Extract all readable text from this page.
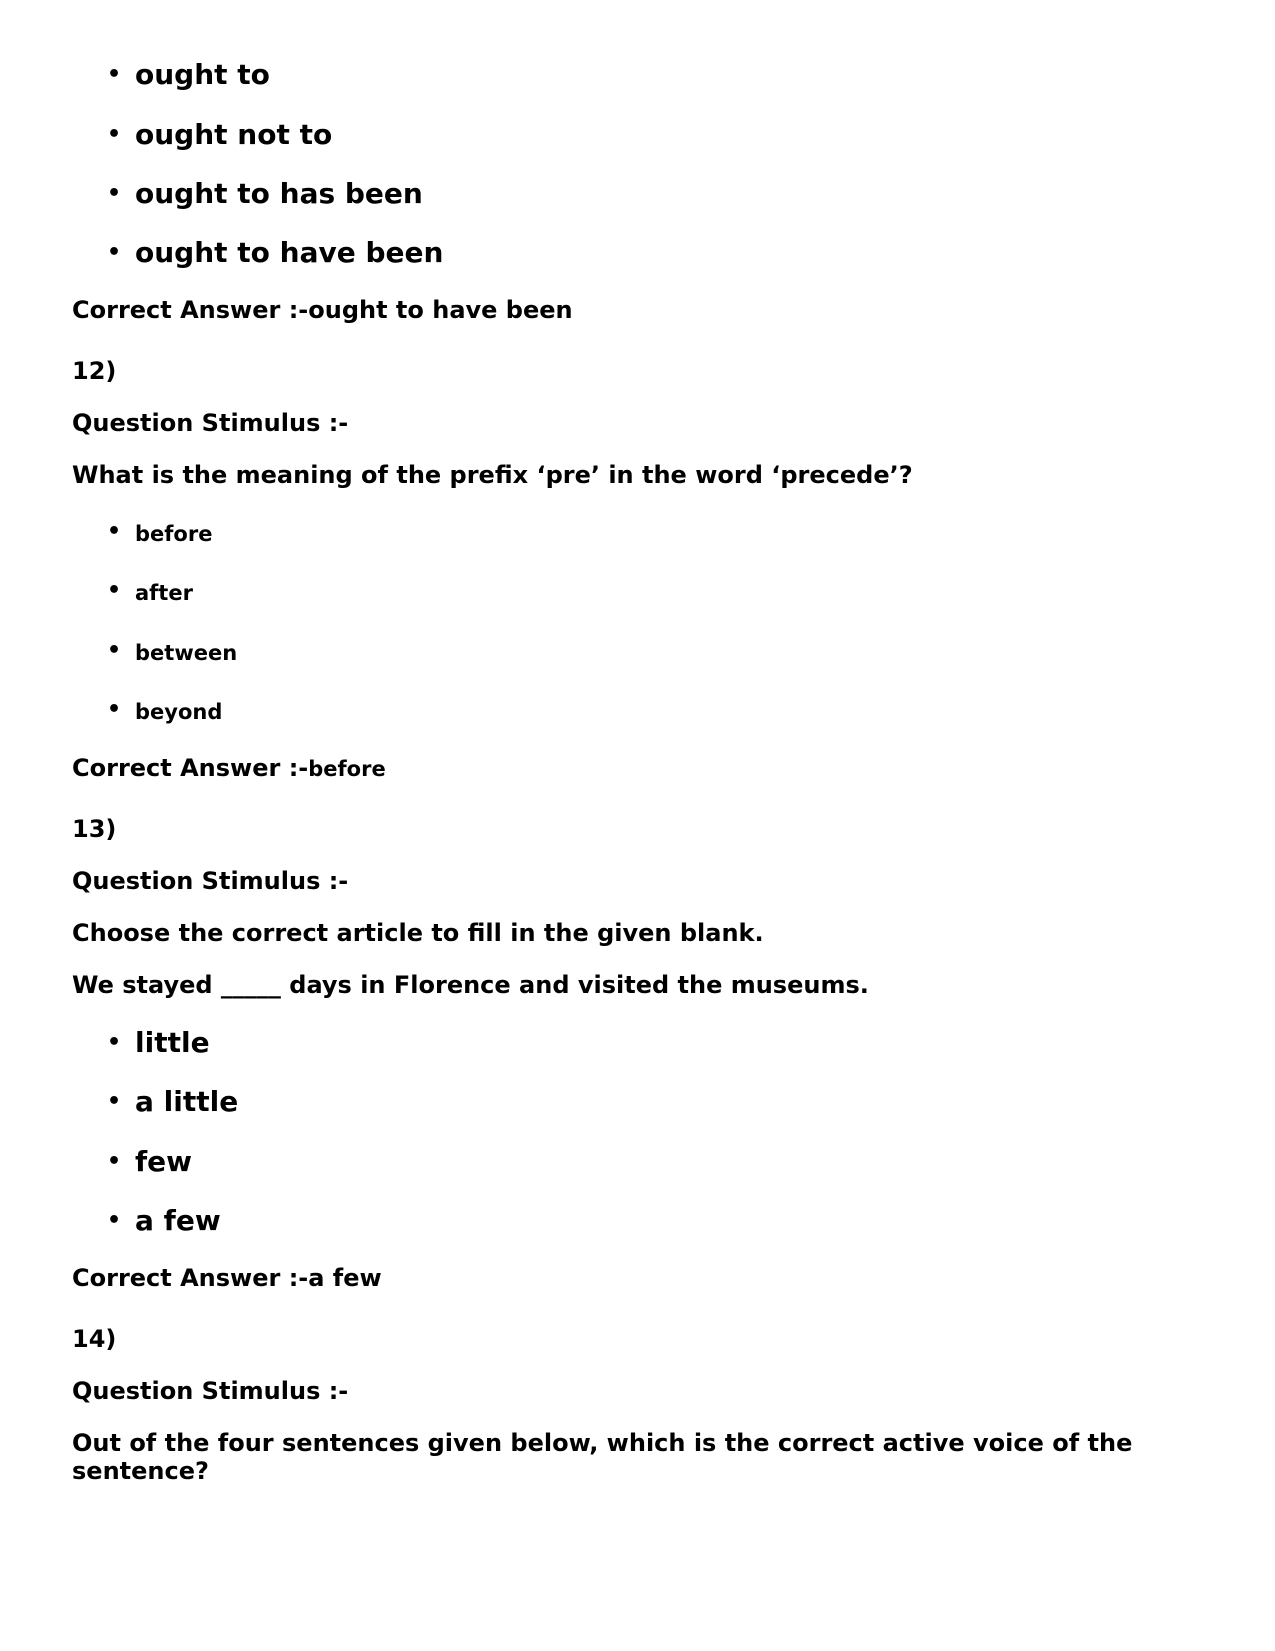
• ought to
• ought not to
• ought to has been
• ought to have been
Correct Answer :-ought to have been
12)
Question Stimulus :-
What is the meaning of the prefix ‘pre’ in the word ‘precede’?
• before
• after
• between
• beyond
Correct Answer :-before
13)
Question Stimulus :-
Choose the correct article to fill in the given blank.
We stayed _____ days in Florence and visited the museums.
• little
• a little
• few
• a few
Correct Answer :-a few
14)
Question Stimulus :-
Out of the four sentences given below, which is the correct active voice of the sentence?
